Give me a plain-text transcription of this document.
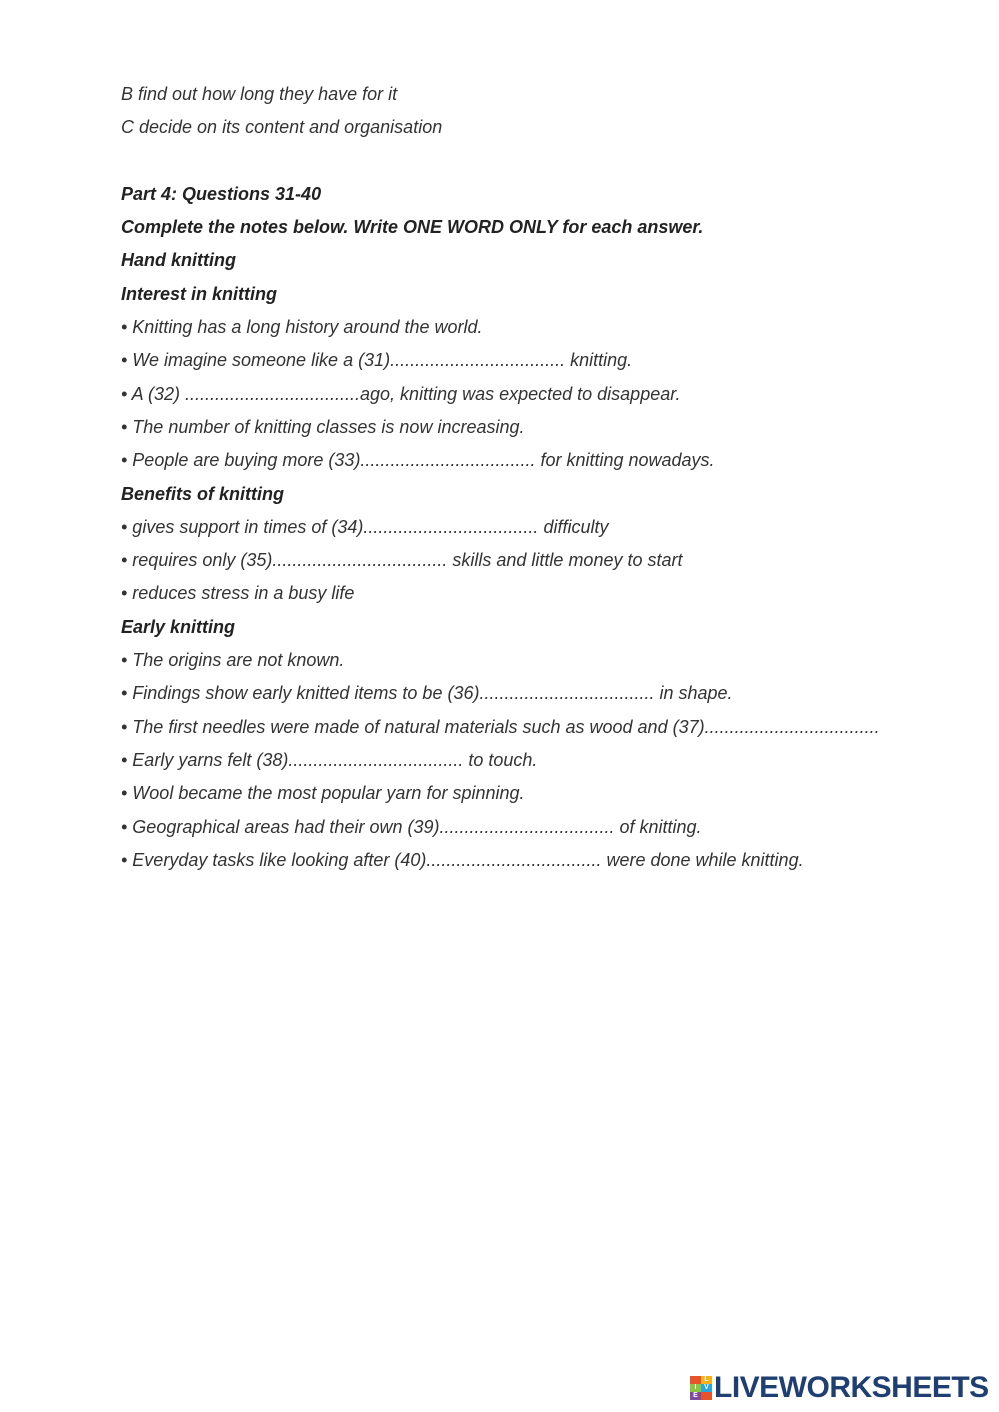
B find out how long they have for it
C decide on its content and organisation
Part 4: Questions 31-40
Complete the notes below. Write ONE WORD ONLY for each answer.
Hand knitting
Interest in knitting
• Knitting has a long history around the world.
• We imagine someone like a (31)................................... knitting.
• A (32) ...................................ago, knitting was expected to disappear.
• The number of knitting classes is now increasing.
• People are buying more (33)................................... for knitting nowadays.
Benefits of knitting
• gives support in times of (34)................................... difficulty
• requires only (35)................................... skills and little money to start
• reduces stress in a busy life
Early knitting
• The origins are not known.
• Findings show early knitted items to be (36)................................... in shape.
• The first needles were made of natural materials such as wood and (37)...................................
• Early yarns felt (38)................................... to touch.
• Wool became the most popular yarn for spinning.
• Geographical areas had their own (39)................................... of knitting.
• Everyday tasks like looking after (40)................................... were done while knitting.
L
I	V
E LIVEWORKSHEETS
